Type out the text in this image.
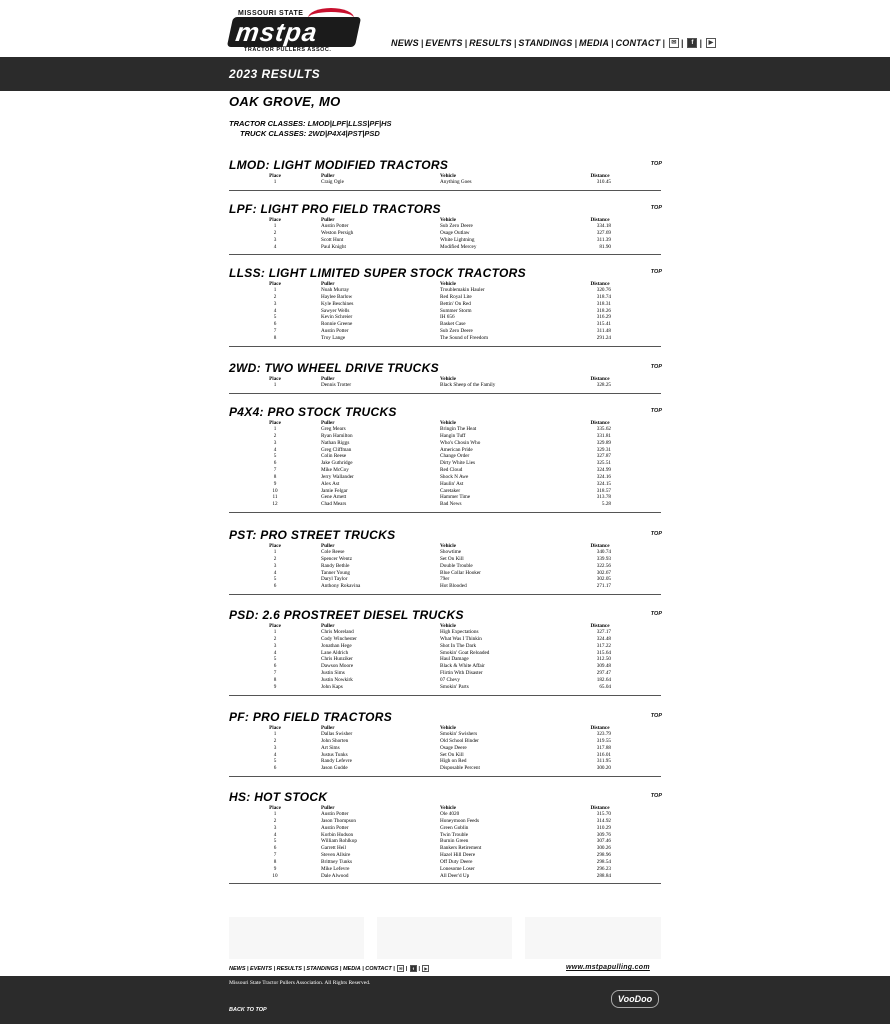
MISSOURI STATE
mstpa
TRACTOR PULLERS ASSOC.
NEWS | EVENTS | RESULTS | STANDINGS | MEDIA | CONTACT |	✉ |	f |	▶
2023 RESULTS
OAK GROVE, MO
TRACTOR CLASSES: LMOD|LPF|LLSS|PF|HS
TRUCK CLASSES: 2WD|P4X4|PST|PSD
LMOD: LIGHT MODIFIED TRACTORS	TOP
Place	Puller	Vehicle	Distance
1	Craig Ogle	Anything Goes	310.45
LPF: LIGHT PRO FIELD TRACTORS	TOP
Place	Puller	Vehicle	Distance
1	Austin Potter	Sub Zero Deere	334.18
2	Weston Persigh	Osage Outlaw	327.69
3	Scott Hunt	White Lightning	311.39
4	Paul Knight	Modified Mercey	81.90
LLSS: LIGHT LIMITED SUPER STOCK TRACTORS	TOP
Place	Puller	Vehicle	Distance
1	Noah Murray	Troublemakin Hauler	320.76
2	Haylee Barlow	Red Royal Lite	318.74
3	Kyle Beschines	Bettin' On Red	318.31
4	Sawyer Wells	Summer Storm	318.26
5	Kevin Schreier	IH 656	316.29
6	Ronnie Greene	Basket Case	315.41
7	Austin Potter	Sub Zero Deere	311.48
8	Troy Lange	The Sound of Freedom	291.24
2WD: TWO WHEEL DRIVE TRUCKS	TOP
Place	Puller	Vehicle	Distance
1	Dennis Trotter	Black Sheep of the Family	328.25
P4X4: PRO STOCK TRUCKS	TOP
Place	Puller	Vehicle	Distance
1	Greg Mears	Bringin The Heat	335.62
2	Ryan Hamilton	Hangin Tuff	331.81
3	Nathan Riggs	Who's Chosin Who	329.89
4	Greg Cliffman	American Pride	329.31
5	Colin Reese	Change Order	327.87
6	Jake Guthridge	Dirty White Lies	325.51
7	Mike McCoy	Red Cloud	324.99
8	Jerry Wallander	Shock N Awe	324.16
9	Alex Ast	Haulin' Ast	324.15
10	Jamie Felgar	Caretaker	318.57
11	Gene Arnett	Hammer Time	313.78
12	Chad Mears	Bad News	5.28
PST: PRO STREET TRUCKS	TOP
Place	Puller	Vehicle	Distance
1	Cole Reese	Showtime	340.74
2	Spencer Wentz	Set On Kill	339.93
3	Randy Bethle	Double Trouble	322.56
4	Tanner Young	Blue Collar Hooker	302.67
5	Daryl Taylor	79er	302.05
6	Anthony Rokavina	Hot Blooded	271.17
PSD: 2.6 PROSTREET DIESEL TRUCKS	TOP
Place	Puller	Vehicle	Distance
1	Chris Moreland	High Expectations	327.17
2	Cody Winchester	What Was I Thinkin	324.48
3	Jonathan Hege	Shot In The Dark	317.22
4	Lane Aldrich	Smokin' Goat Reloaded	315.64
5	Chris Hunziker	Haul Damage	312.50
6	Dawson Moore	Black & White Affair	309.48
7	Justin Sims	Flirtin With Disaster	297.47
8	Justin Nowkirk	07 Chevy	182.64
9	John Kaps	Smokin' Parts	65.04
PF: PRO FIELD TRACTORS	TOP
Place	Puller	Vehicle	Distance
1	Dallas Swisher	Smokin' Swishers	323.79
2	John Shorten	Old School Binder	319.55
3	Art Sims	Osage Deere	317.88
4	Justus Tunks	Set On Kill	316.01
5	Randy Lefevre	High on Red	311.95
6	Jason Gudde	Disposable Percent	300.20
HS: HOT STOCK	TOP
Place	Puller	Vehicle	Distance
1	Austin Potter	Ole 4020	315.70
2	Jason Thompson	Honeymoon Feeds	314.92
3	Austin Potter	Green Goblin	310.29
4	Korbin Hudson	Twin Trouble	309.76
5	William Rohlkop	Burnin Green	307.46
6	Garrett Heil	Bankers Retirement	300.26
7	Steven Allsire	Hazel Hill Deere	298.96
8	Brittney Tunks	Off Duty Deere	298.54
9	Mike Lefevre	Lonesome Loser	296.23
10	Dale Alwood	All Deer'd Up	288.84
NEWS | EVENTS | RESULTS | STANDINGS | MEDIA | CONTACT |	✉ |	f |	▶	www.mstpapulling.com
Missouri State Tractor Pullers Association. All Rights Reserved.
BACK TO TOP
VooDoo
